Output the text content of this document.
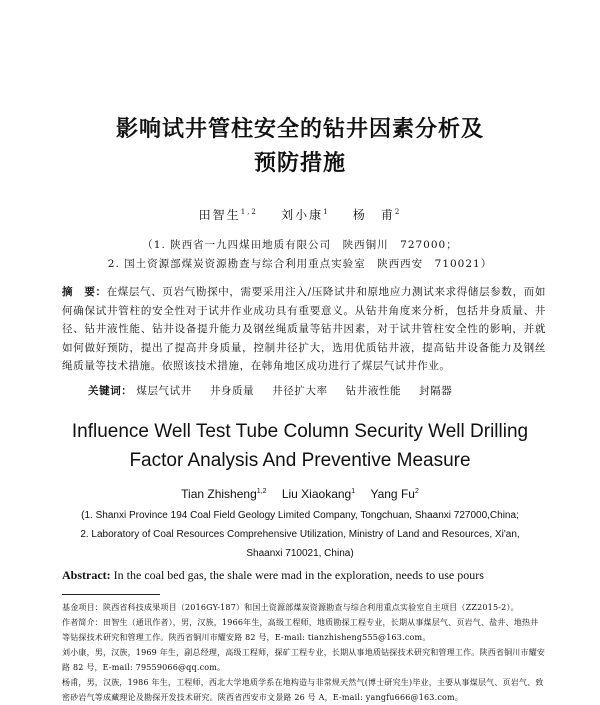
影响试井管柱安全的钻井因素分析及
预防措施
田智生$^{1,2}$ 刘小康$^1$ 杨　甫$^2$
（1. 陕西省一九四煤田地质有限公司　陕西铜川　727000；
2. 国土资源部煤炭资源勘查与综合利用重点实验室　陕西西安　710021）

摘　要：在煤层气、页岩气勘探中，需要采用注入/压降试井和原地应力测试来求得储层参数，而如何确保试井管柱的安全性对于试井作业成功具有重要意义。从钻井角度来分析，包括井身质量、井径、钻井液性能、钻井设备提升能力及钢丝绳质量等钻井因素，对于试井管柱安全性的影响，并就如何做好预防，提出了提高井身质量，控制井径扩大，选用优质钻井液，提高钻井设备能力及钢丝绳质量等技术措施。依照该技术措施，在韩角地区成功进行了煤层气试井作业。

关键词： 煤层气试井 井身质量 井径扩大率 钻井液性能 封隔器
Influence Well Test Tube Column Security Well Drilling
Factor Analysis And Preventive Measure
Tian Zhisheng$^{1,2}$ Liu Xiaokang$^1$ Yang Fu$^2$
(1. Shanxi Province 194 Coal Field Geology Limited Company, Tongchuan, Shaanxi 727000,China;
2. Laboratory of Coal Resources Comprehensive Utilization, Ministry of Land and Resources, Xi'an,
Shaanxi 710021, China)
Abstract: In the coal bed gas, the shale were mad in the exploration, needs to use pours

基金项目：陕西省科技成果项目（2016GY-187）和国土资源部煤炭资源勘查与综合利用重点实验室自主项目（ZZ2015-2）。

作者简介：田智生（通讯作者），男，汉族，1966年生，高级工程师，地质勘探工程专业，长期从事煤层气、页岩气、盐井、地热井等钻探技术研究和管理工作。陕西省铜川市耀安路 82 号，E-mail: tianzhisheng555@163.com。

刘小康，男，汉族，1969 年生，副总经理，高级工程师，探矿工程专业，长期从事地质钻探技术研究和管理工作。陕西省铜川市耀安路 82 号，E-mail: 79559066@qq.com。

杨甫，男，汉族，1986 年生，工程师，西北大学地质学系在地构造与非常规天然气(博士研究生)毕业，主要从事煤层气、页岩气、致密砂岩气等成藏理论及勘探开发技术研究。陕西省西安市文景路 26 号 A，E-mail: yangfu666@163.com。
